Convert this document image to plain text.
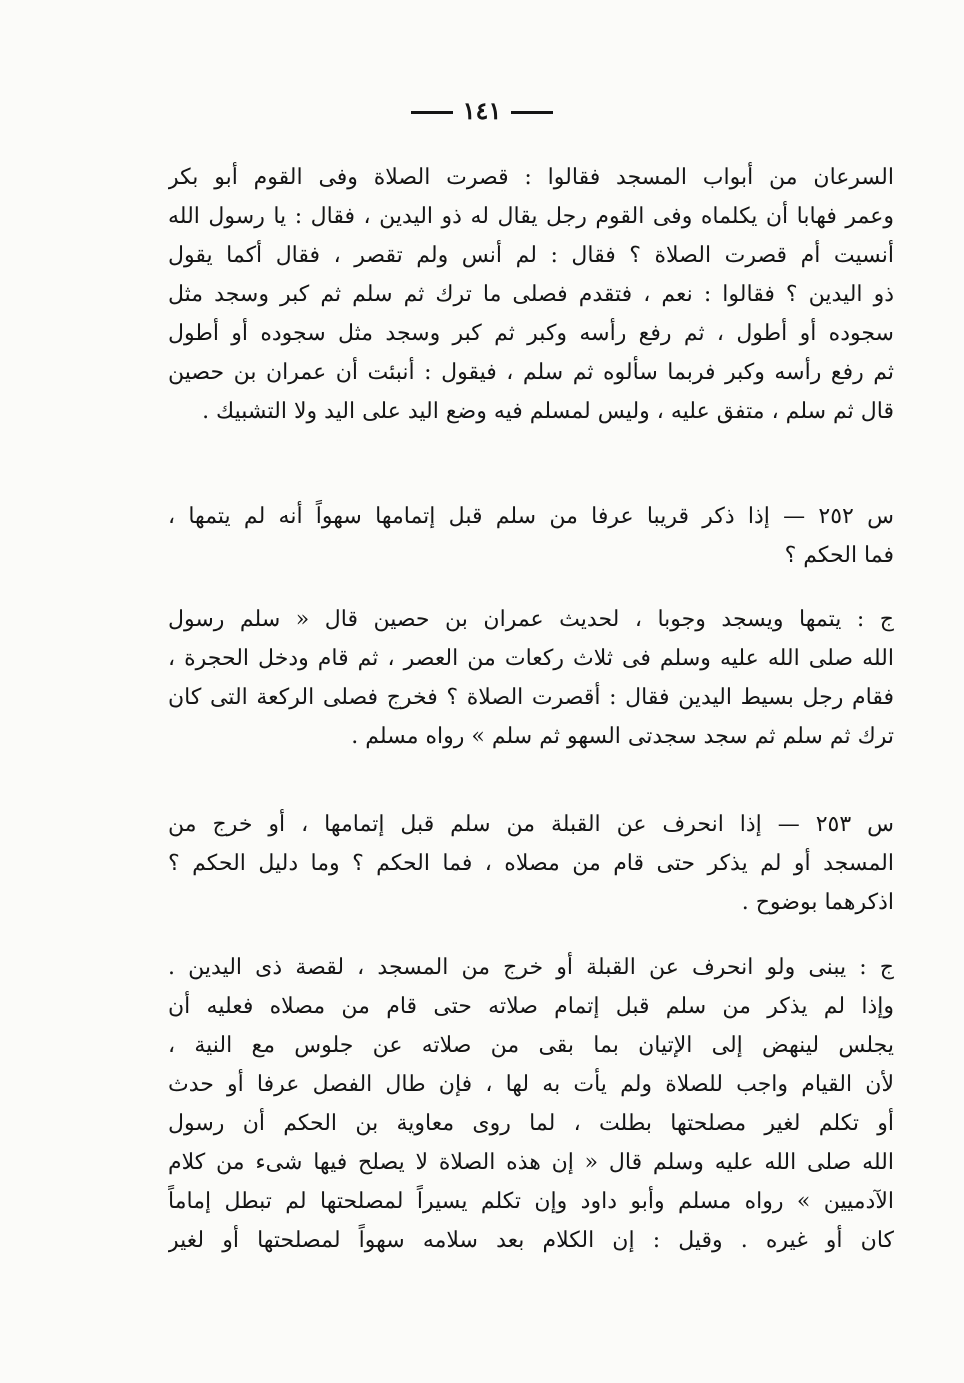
١٤١
السرعان من أبواب المسجد فقالوا : قصرت الصلاة وفى القوم أبو بكر
وعمر فهابا أن يكلماه وفى القوم رجل يقال له ذو اليدين ، فقال : يا رسول الله
أنسيت أم قصرت الصلاة ؟ فقال : لم أنس ولم تقصر ، فقال أكما يقول
ذو اليدين ؟ فقالوا : نعم ، فتقدم فصلى ما ترك ثم سلم ثم كبر وسجد مثل
سجوده أو أطول ، ثم رفع رأسه وكبر ثم كبر وسجد مثل سجوده أو أطول
ثم رفع رأسه وكبر فربما سألوه ثم سلم ، فيقول : أنبئت أن عمران بن حصين
قال ثم سلم ، متفق عليه ، وليس لمسلم فيه وضع اليد على اليد ولا التشبيك .
س ٢٥٢ — إذا ذكر قريبا عرفا من سلم قبل إتمامها سهواً أنه لم يتمها ،
فما الحكم ؟
ج : يتمها ويسجد وجوبا ، لحديث عمران بن حصين قال « سلم رسول
الله صلى الله عليه وسلم فى ثلاث ركعات من العصر ، ثم قام ودخل الحجرة ،
فقام رجل بسيط اليدين فقال : أقصرت الصلاة ؟ فخرج فصلى الركعة التى كان
ترك ثم سلم ثم سجد سجدتى السهو ثم سلم » رواه مسلم .
س ٢٥٣ — إذا انحرف عن القبلة من سلم قبل إتمامها ، أو خرج من
المسجد أو لم يذكر حتى قام من مصلاه ، فما الحكم ؟ وما دليل الحكم ؟
اذكرهما بوضوح .
ج : يبنى ولو انحرف عن القبلة أو خرج من المسجد ، لقصة ذى اليدين .
وإذا لم يذكر من سلم قبل إتمام صلاته حتى قام من مصلاه فعليه أن
يجلس لينهض إلى الإتيان بما بقى من صلاته عن جلوس مع النية ،
لأن القيام واجب للصلاة ولم يأت به لها ، فإن طال الفصل عرفا أو حدث
أو تكلم لغير مصلحتها بطلت ، لما روى معاوية بن الحكم أن رسول
الله صلى الله عليه وسلم قال « إن هذه الصلاة لا يصلح فيها شىء من كلام
الآدميين » رواه مسلم وأبو داود وإن تكلم يسيراً لمصلحتها لم تبطل إماماً
كان أو غيره . وقيل : إن الكلام بعد سلامه سهواً لمصلحتها أو لغير
